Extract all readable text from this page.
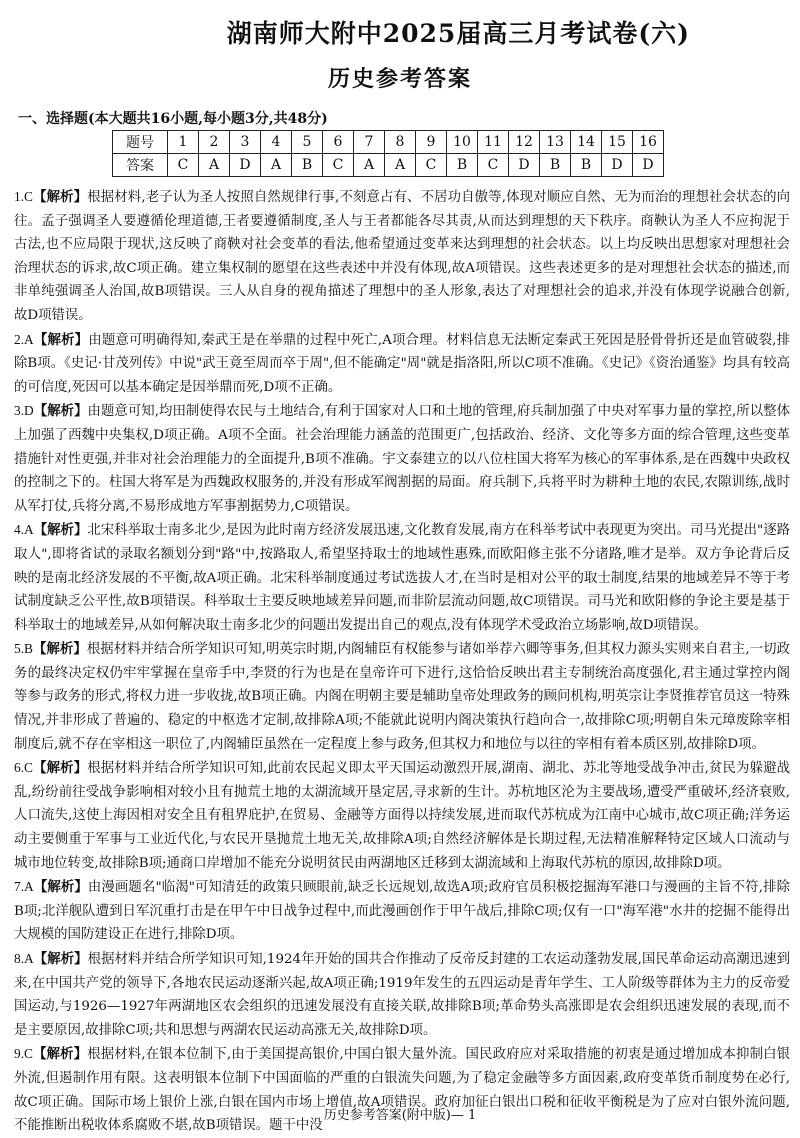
湖南师大附中2025届高三月考试卷(六)
历史参考答案
一、选择题(本大题共16小题,每小题3分,共48分)
题号	1	2	3	4	5	6	7	8	9	10	11	12	13	14	15	16
答案	C	A	D	A	B	C	A	A	C	B	C	D	B	B	D	D

1.C【解析】根据材料,老子认为圣人按照自然规律行事,不刻意占有、不居功自傲等,体现对顺应自然、无为而治的理想社会状态的向往。孟子强调圣人要遵循伦理道德,王者要遵循制度,圣人与王者都能各尽其责,从而达到理想的天下秩序。商鞅认为圣人不应拘泥于古法,也不应局限于现状,这反映了商鞅对社会变革的看法,他希望通过变革来达到理想的社会状态。以上均反映出思想家对理想社会治理状态的诉求,故C项正确。建立集权制的愿望在这些表述中并没有体现,故A项错误。这些表述更多的是对理想社会状态的描述,而非单纯强调圣人治国,故B项错误。三人从自身的视角描述了理想中的圣人形象,表达了对理想社会的追求,并没有体现学说融合创新,故D项错误。

2.A【解析】由题意可明确得知,秦武王是在举鼎的过程中死亡,A项合理。材料信息无法断定秦武王死因是胫骨骨折还是血管破裂,排除B项。《史记·甘茂列传》中说"武王竟至周而卒于周",但不能确定"周"就是指洛阳,所以C项不准确。《史记》《资治通鉴》均具有较高的可信度,死因可以基本确定是因举鼎而死,D项不正确。

3.D【解析】由题意可知,均田制使得农民与土地结合,有利于国家对人口和土地的管理,府兵制加强了中央对军事力量的掌控,所以整体上加强了西魏中央集权,D项正确。A项不全面。社会治理能力涵盖的范围更广,包括政治、经济、文化等多方面的综合管理,这些变革措施针对性更强,并非对社会治理能力的全面提升,B项不准确。宇文泰建立的以八位柱国大将军为核心的军事体系,是在西魏中央政权的控制之下的。柱国大将军是为西魏政权服务的,并没有形成军阀割据的局面。府兵制下,兵将平时为耕种土地的农民,农隙训练,战时从军打仗,兵将分离,不易形成地方军事割据势力,C项错误。

4.A【解析】北宋科举取士南多北少,是因为此时南方经济发展迅速,文化教育发展,南方在科举考试中表现更为突出。司马光提出"逐路取人",即将省试的录取名额划分到"路"中,按路取人,希望坚持取士的地域性惠殊,而欧阳修主张不分诸路,唯才是举。双方争论背后反映的是南北经济发展的不平衡,故A项正确。北宋科举制度通过考试选拔人才,在当时是相对公平的取士制度,结果的地域差异不等于考试制度缺乏公平性,故B项错误。科举取士主要反映地域差异问题,而非阶层流动问题,故C项错误。司马光和欧阳修的争论主要是基于科举取士的地域差异,从如何解决取士南多北少的问题出发提出自己的观点,没有体现学术受政治立场影响,故D项错误。

5.B【解析】根据材料并结合所学知识可知,明英宗时期,内阁辅臣有权能参与诸如举荐六卿等事务,但其权力源头实则来自君主,一切政务的最终决定权仍牢牢掌握在皇帝手中,李贤的行为也是在皇帝许可下进行,这恰恰反映出君主专制统治高度强化,君主通过掌控内阁等参与政务的形式,将权力进一步收拢,故B项正确。内阁在明朝主要是辅助皇帝处理政务的顾问机构,明英宗让李贤推荐官员这一特殊情况,并非形成了普遍的、稳定的中枢选才定制,故排除A项;不能就此说明内阁决策执行趋向合一,故排除C项;明朝自朱元璋废除宰相制度后,就不存在宰相这一职位了,内阁辅臣虽然在一定程度上参与政务,但其权力和地位与以往的宰相有着本质区别,故排除D项。

6.C【解析】根据材料并结合所学知识可知,此前农民起义即太平天国运动激烈开展,湖南、湖北、苏北等地受战争冲击,贫民为躲避战乱,纷纷前往受战争影响相对较小且有抛荒土地的太湖流域开垦定居,寻求新的生计。苏杭地区沦为主要战场,遭受严重破坏,经济衰败,人口流失,这使上海因相对安全且有租界庇护,在贸易、金融等方面得以持续发展,进而取代苏杭成为江南中心城市,故C项正确;洋务运动主要侧重于军事与工业近代化,与农民开垦抛荒土地无关,故排除A项;自然经济解体是长期过程,无法精准解释特定区域人口流动与城市地位转变,故排除B项;通商口岸增加不能充分说明贫民由两湖地区迁移到太湖流域和上海取代苏杭的原因,故排除D项。

7.A【解析】由漫画题名"临渴"可知清廷的政策只顾眼前,缺乏长远规划,故选A项;政府官员积极挖掘海军港口与漫画的主旨不符,排除B项;北洋舰队遭到日军沉重打击是在甲午中日战争过程中,而此漫画创作于甲午战后,排除C项;仅有一口"海军港"水井的挖掘不能得出大规模的国防建设正在进行,排除D项。

8.A【解析】根据材料并结合所学知识可知,1924年开始的国共合作推动了反帝反封建的工农运动蓬勃发展,国民革命运动高潮迅速到来,在中国共产党的领导下,各地农民运动逐渐兴起,故A项正确;1919年发生的五四运动是青年学生、工人阶级等群体为主力的反帝爱国运动,与1926—1927年两湖地区农会组织的迅速发展没有直接关联,故排除B项;革命势头高涨即是农会组织迅速发展的表现,而不是主要原因,故排除C项;共和思想与两湖农民运动高涨无关,故排除D项。

9.C【解析】根据材料,在银本位制下,由于美国提高银价,中国白银大量外流。国民政府应对采取措施的初衷是通过增加成本抑制白银外流,但遏制作用有限。这表明银本位制下中国面临的严重的白银流失问题,为了稳定金融等多方面因素,政府变革货币制度势在必行,故C项正确。国际市场上银价上涨,白银在国内市场上增值,故A项错误。政府加征白银出口税和征收平衡税是为了应对白银外流问题,不能推断出税收体系腐败不堪,故B项错误。题干中没

历史参考答案(附中版)— 1
